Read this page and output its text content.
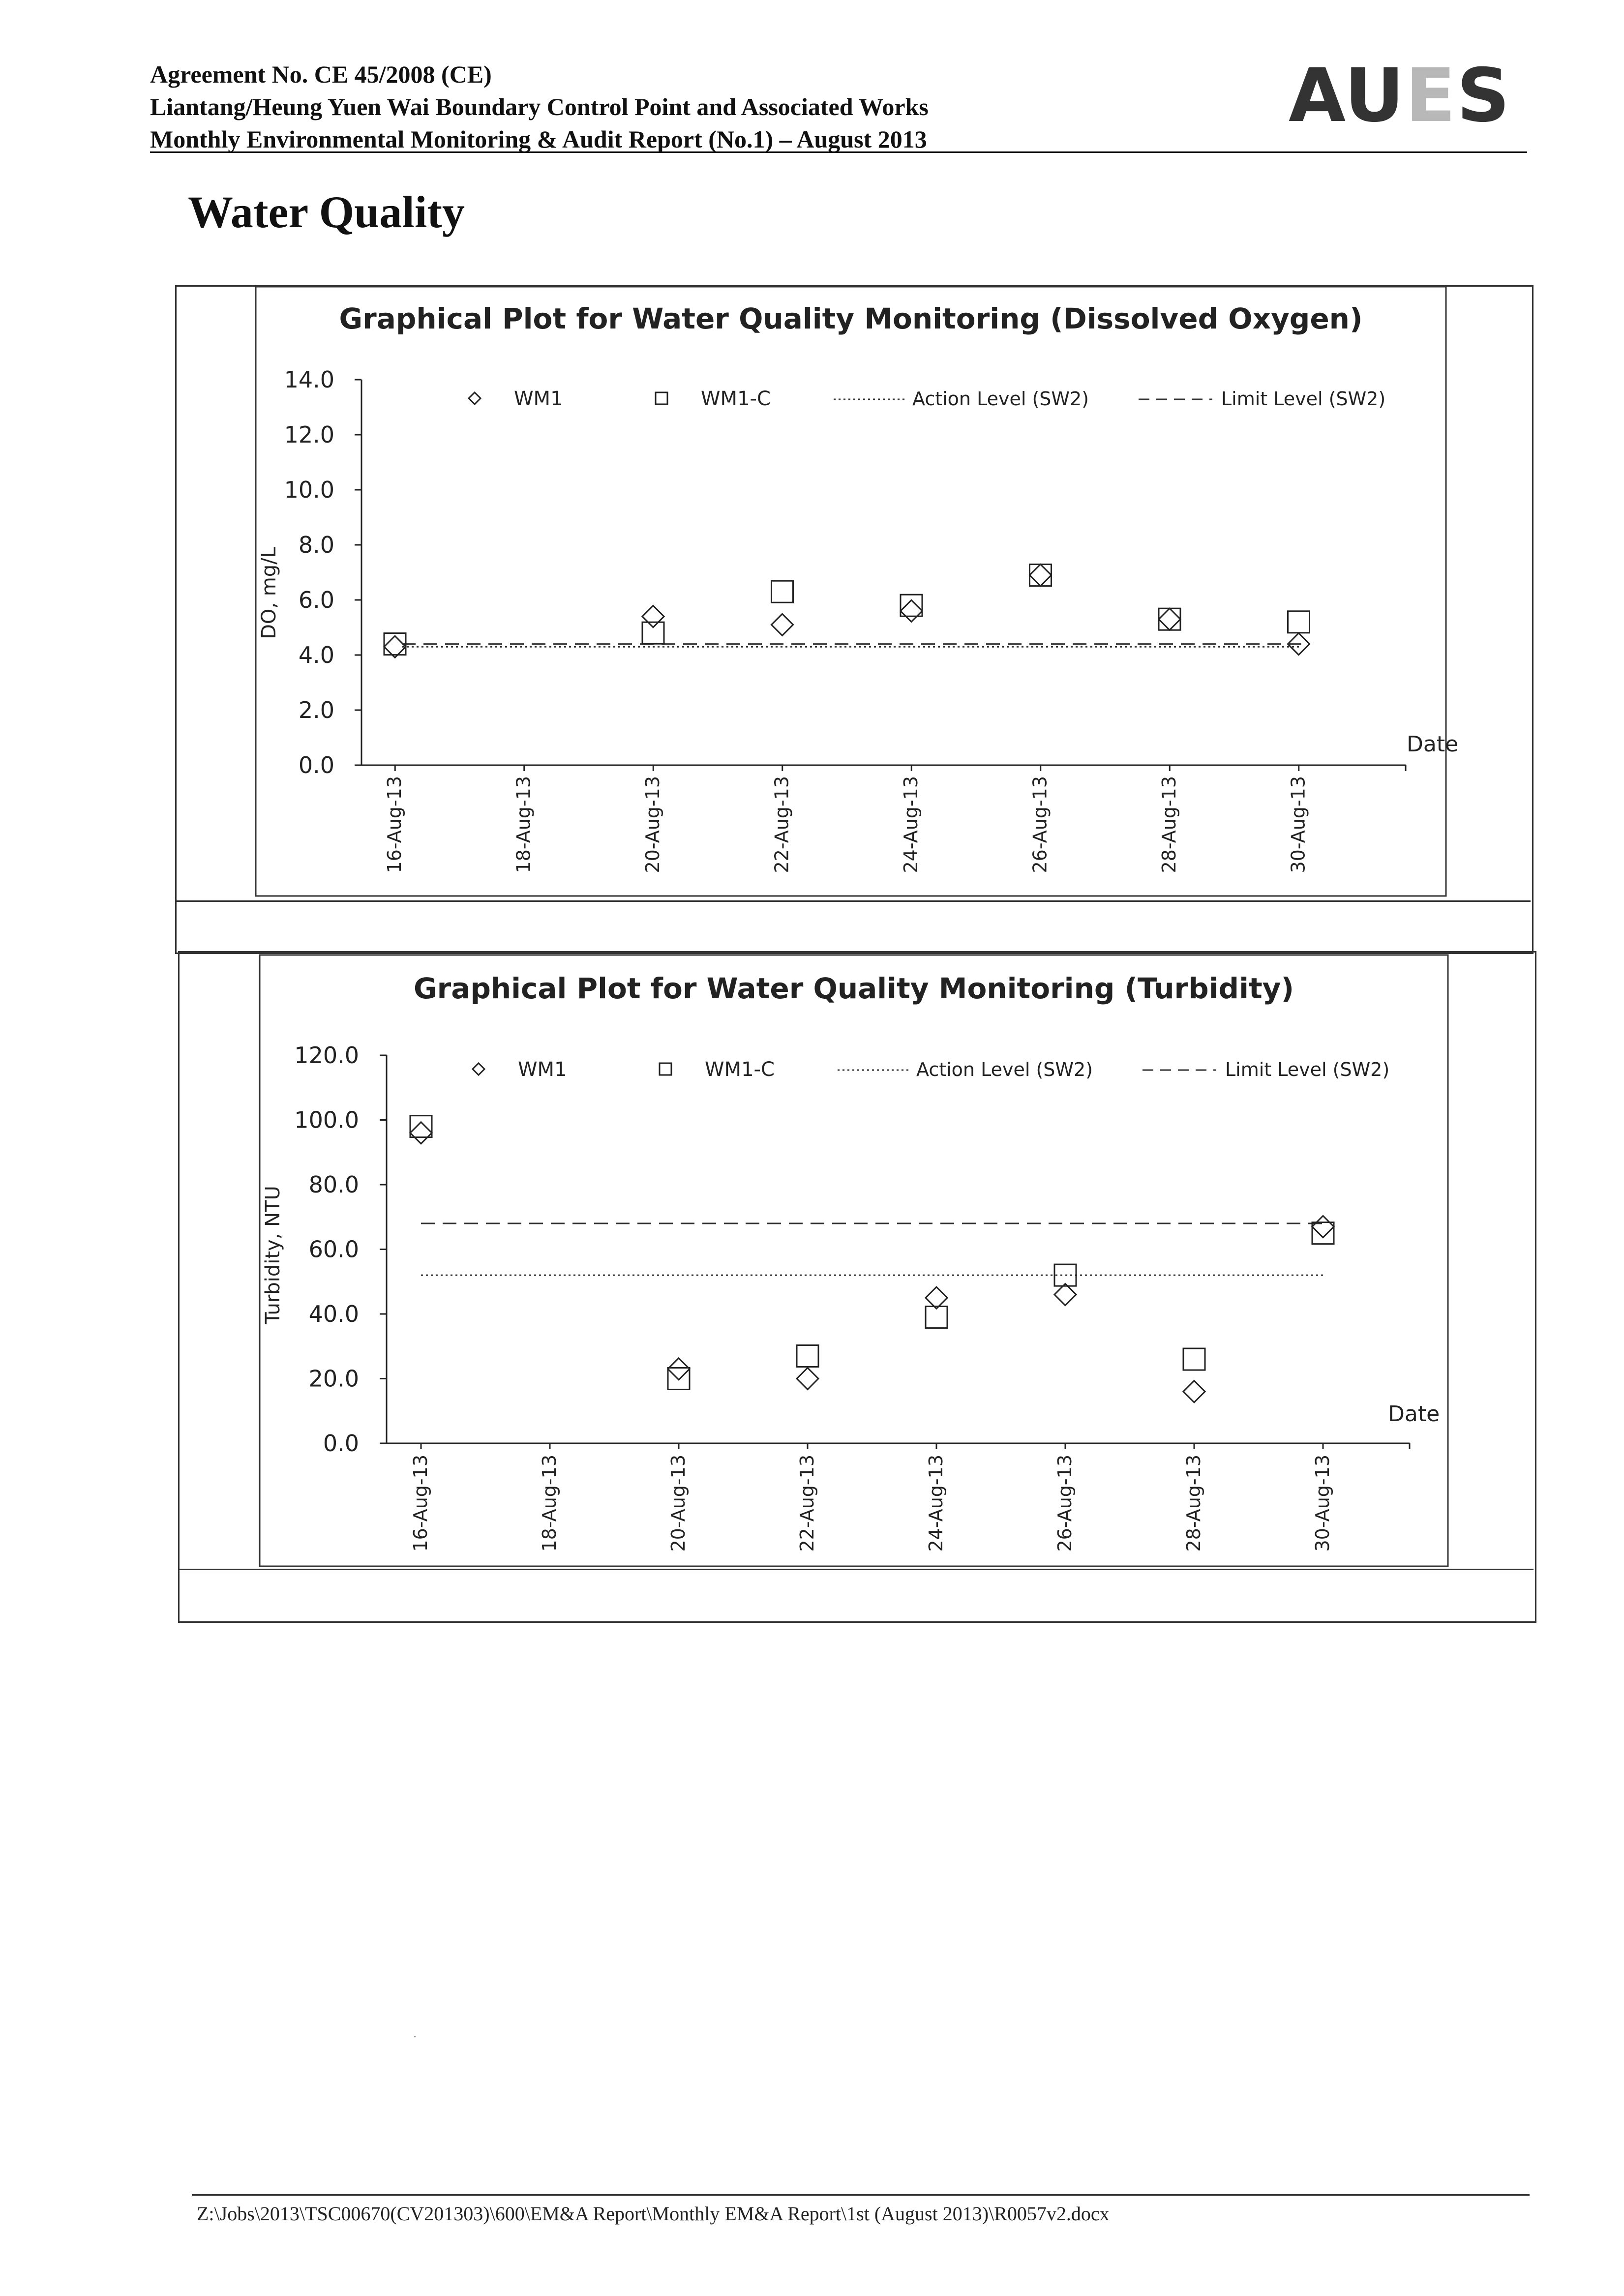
Agreement No. CE 45/2008 (CE)
Liantang/Heung Yuen Wai Boundary Control Point and Associated Works
Monthly Environmental Monitoring & Audit Report (No.1) – August 2013
AUES
Water Quality
Graphical Plot for Water Quality Monitoring (Dissolved Oxygen)
0.0
2.0
4.0
6.0
8.0
10.0
12.0
14.0
16-Aug-13	18-Aug-13	20-Aug-13	22-Aug-13	24-Aug-13	26-Aug-13	28-Aug-13	30-Aug-13
Date
DO, mg/L
WM1	WM1-C	Action Level (SW2)	Limit Level (SW2)
Graphical Plot for Water Quality Monitoring (Turbidity)
0.0
20.0
40.0
60.0
80.0
100.0
120.0
16-Aug-13	18-Aug-13	20-Aug-13	22-Aug-13	24-Aug-13	26-Aug-13	28-Aug-13	30-Aug-13
Date
Turbidity, NTU
WM1	WM1-C	Action Level (SW2)	Limit Level (SW2)
Z:\Jobs\2013\TSC00670(CV201303)\600\EM&A Report\Monthly EM&A Report\1st (August 2013)\R0057v2.docx
